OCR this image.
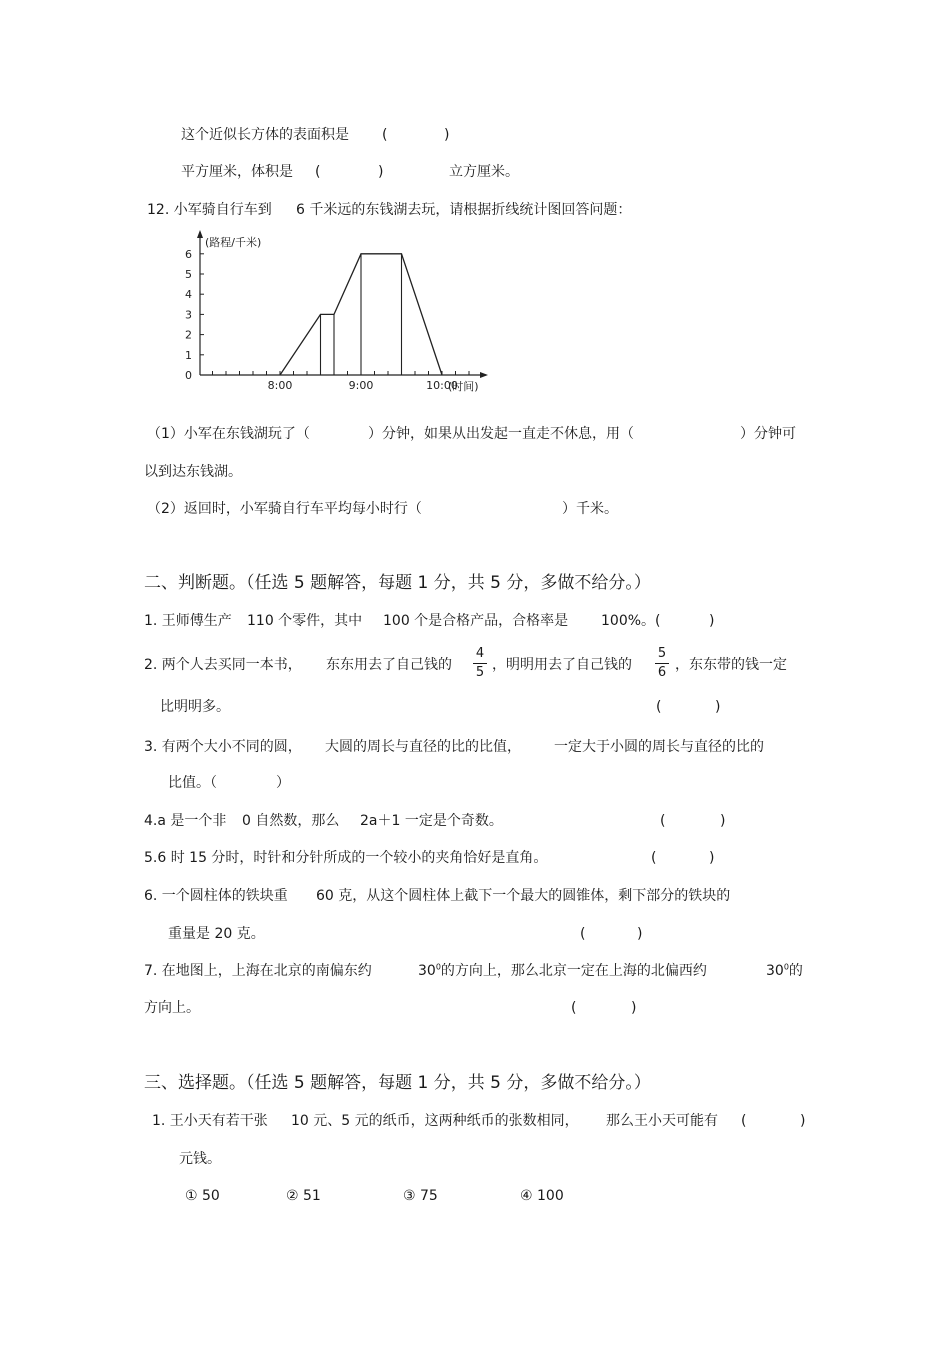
这个近似长方体的表面积是 (	)
平方厘米，体积是 (	)	立方厘米。
12. 小军骑自行车到 6 千米远的东钱湖去玩，请根据折线统计图回答问题：
0
1
2
3
4
5
6
8:00	9:00	10:00
(路程/千米)
(时间)
（1）小军在东钱湖玩了（	）分钟，如果从出发起一直走不休息，用（	）分钟可
以到达东钱湖。
（2）返回时，小军骑自行车平均每小时行（	）千米。
二、判断题。（任选 5 题解答，每题 1 分，共 5 分，多做不给分。）
1. 王师傅生产 110 个零件，其中 100 个是合格产品，合格率是 100%。(	)
2. 两个人去买同一本书， 东东用去了自己钱的
4
5 ，明明用去了自己钱的
5
6 ，东东带的钱一定
比明明多。	(	)
3. 有两个大小不同的圆， 大圆的周长与直径的比的比值， 一定大于小圆的周长与直径的比的
比值。（	）
4.a 是一个非 0 自然数，那么 2a＋1 一定是个奇数。	(	)
5.6 时 15 分时，时针和分针所成的一个较小的夹角恰好是直角。	(	)
6. 一个圆柱体的铁块重 60 克，从这个圆柱体上截下一个最大的圆锥体，剩下部分的铁块的
重量是 20 克。	(	)
7. 在地图上，上海在北京的南偏东约	$30^0$的方向上，那么北京一定在上海的北偏西约	$30^0$的
方向上。	(	)
三、选择题。（任选 5 题解答，每题 1 分，共 5 分，多做不给分。）
1. 王小天有若干张 10 元、5 元的纸币，这两种纸币的张数相同， 那么王小天可能有 (	)
元钱。
① 50	② 51	③ 75	④ 100
